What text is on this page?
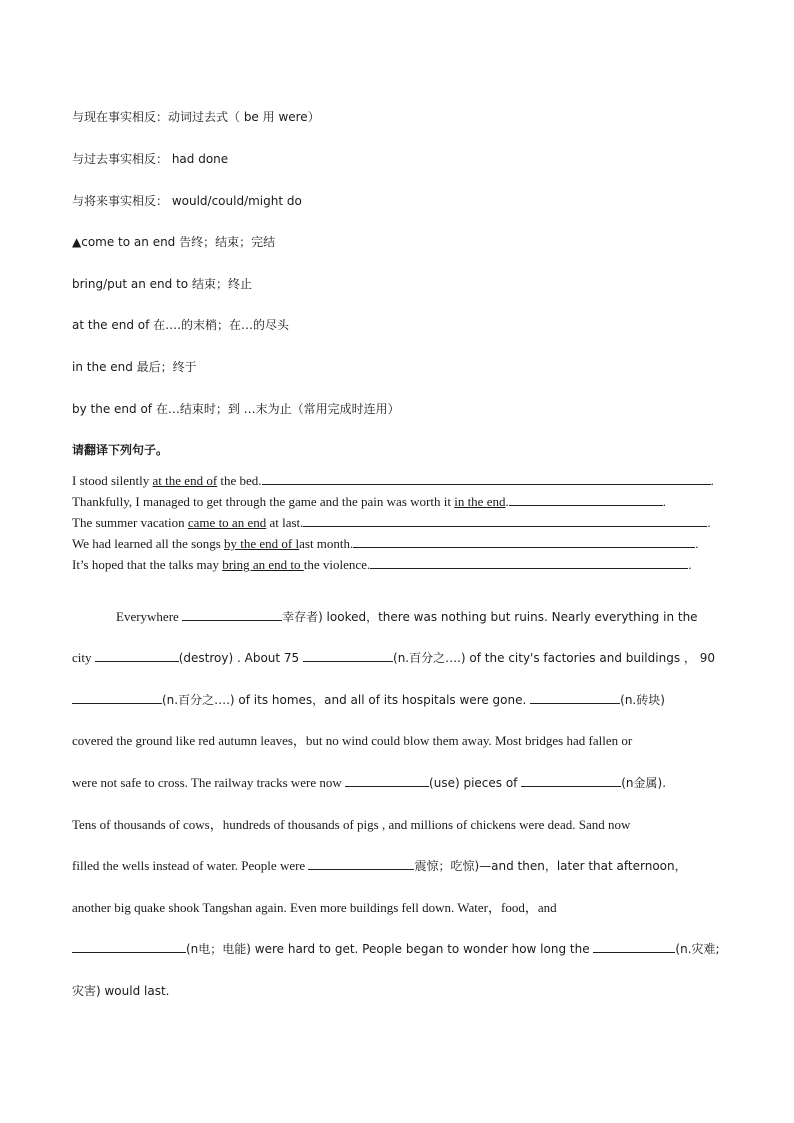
与现在事实相反：动词过去式（ be 用 were）
与过去事实相反： had done
与将来事实相反： would/could/might do
▲come to an end 告终；结束；完结
bring/put an end to 结束；终止
at the end of 在….的末梢；在…的尽头
in the end 最后；终于
by the end of 在…结束时；到 …末为止（常用完成时连用）
请翻译下列句子。
I stood silently at the end of the bed.	.
Thankfully, I managed to get through the game and the pain was worth it in the end.	.
The summer vacation came to an end at last.	.
We had learned all the songs by the end of last month.	.
It’s hoped that the talks may bring an end to the violence.	.
Everywhere	幸存者) looked，there was nothing but ruins. Nearly everything in the
city	(destroy) . About 75	(n.百分之….) of the city's factories and buildings ， 90
(n.百分之….) of its homes，and all of its hospitals were gone.	(n.砖块)
covered the ground like red autumn leaves，but no wind could blow them away. Most bridges had fallen or
were not safe to cross. The railway tracks were now	(use) pieces of	(n金属).
Tens of thousands of cows，hundreds of thousands of pigs , and millions of chickens were dead. Sand now
filled the wells instead of water. People were	震惊；吃惊)—and then，later that afternoon，
another big quake shook Tangshan again. Even more buildings fell down. Water，food，and
(n电；电能) were hard to get. People began to wonder how long the	(n.灾难;
灾害) would last.
